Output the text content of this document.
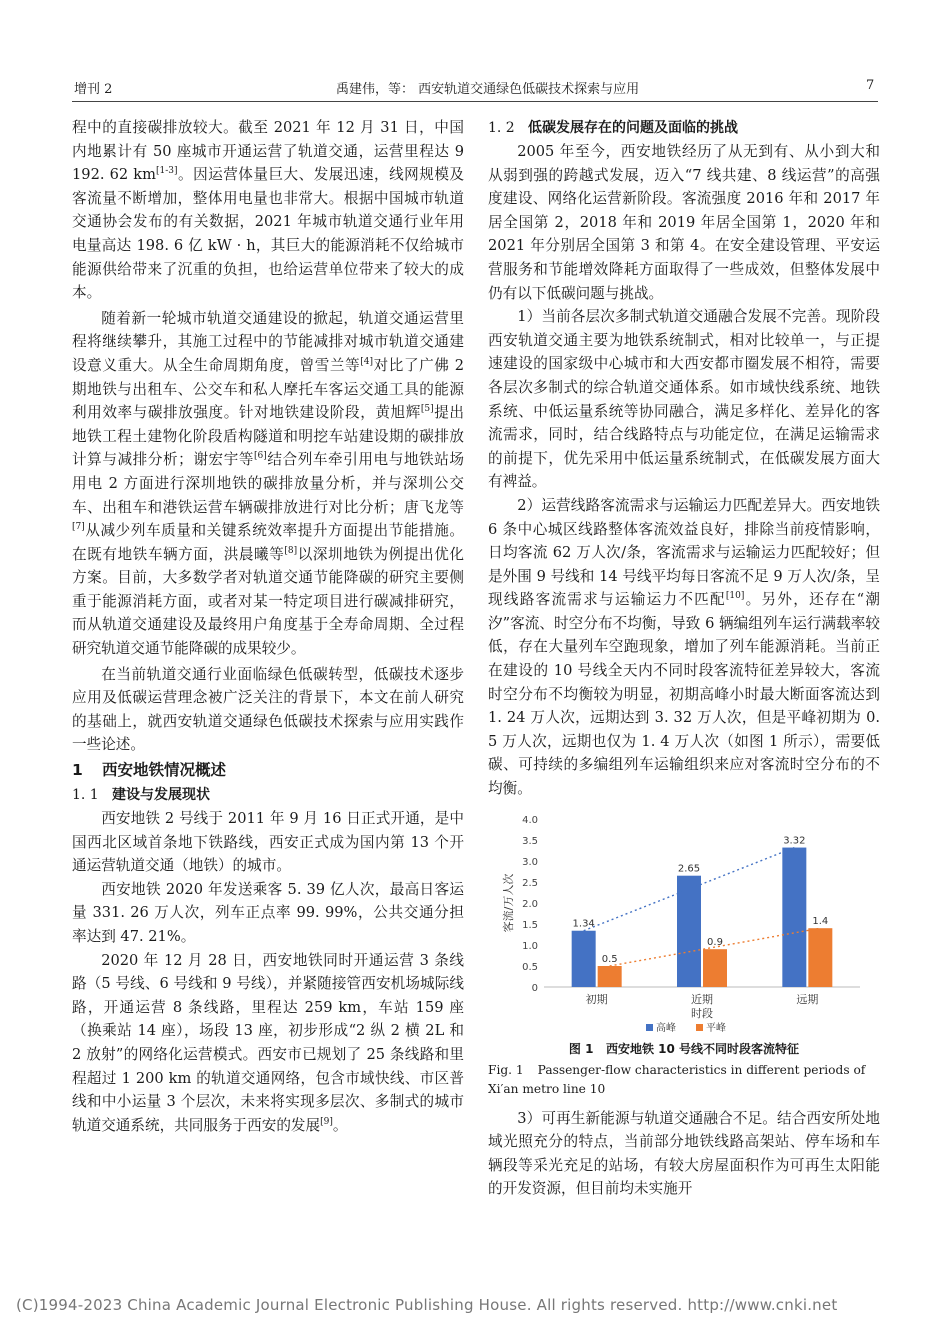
增刊 2	禹建伟，等： 西安轨道交通绿色低碳技术探索与应用	7

程中的直接碳排放较大。截至 2021 年 12 月 31 日，中国内地累计有 50 座城市开通运营了轨道交通，运营里程达 9 192. 62 km[1-3]。因运营体量巨大、发展迅速，线网规模及客流量不断增加，整体用电量也非常大。根据中国城市轨道交通协会发布的有关数据，2021 年城市轨道交通行业年用电量高达 198. 6 亿 kW · h，其巨大的能源消耗不仅给城市能源供给带来了沉重的负担，也给运营单位带来了较大的成本。

随着新一轮城市轨道交通建设的掀起，轨道交通运营里程将继续攀升，其施工过程中的节能减排对城市轨道交通建设意义重大。从全生命周期角度，曾雪兰等[4]对比了广佛 2 期地铁与出租车、公交车和私人摩托车客运交通工具的能源利用效率与碳排放强度。针对地铁建设阶段，黄旭辉[5]提出地铁工程土建物化阶段盾构隧道和明挖车站建设期的碳排放计算与减排分析；谢宏宇等[6]结合列车牵引用电与地铁站场用电 2 方面进行深圳地铁的碳排放量分析，并与深圳公交车、出租车和港铁运营车辆碳排放进行对比分析；唐飞龙等[7]从减少列车质量和关键系统效率提升方面提出节能措施。在既有地铁车辆方面，洪晨曦等[8]以深圳地铁为例提出优化方案。目前，大多数学者对轨道交通节能降碳的研究主要侧重于能源消耗方面，或者对某一特定项目进行碳减排研究，而从轨道交通建设及最终用户角度基于全寿命周期、全过程研究轨道交通节能降碳的成果较少。

在当前轨道交通行业面临绿色低碳转型，低碳技术逐步应用及低碳运营理念被广泛关注的背景下，本文在前人研究的基础上，就西安轨道交通绿色低碳技术探索与应用实践作一些论述。

1 西安地铁情况概述
1. 1 建设与发展现状

西安地铁 2 号线于 2011 年 9 月 16 日正式开通，是中国西北区域首条地下铁路线，西安正式成为国内第 13 个开通运营轨道交通（地铁）的城市。

西安地铁 2020 年发送乘客 5. 39 亿人次，最高日客运量 331. 26 万人次，列车正点率 99. 99%，公共交通分担率达到 47. 21%。

2020 年 12 月 28 日，西安地铁同时开通运营 3 条线路（5 号线、6 号线和 9 号线），并紧随接管西安机场城际线路，开通运营 8 条线路，里程达 259 km，车站 159 座（换乘站 14 座），场段 13 座，初步形成“2 纵 2 横 2L 和 2 放射”的网络化运营模式。西安市已规划了 25 条线路和里程超过 1 200 km 的轨道交通网络，包含市域快线、市区普线和中小运量 3 个层次，未来将实现多层次、多制式的城市轨道交通系统，共同服务于西安的发展[9]。

1. 2 低碳发展存在的问题及面临的挑战

2005 年至今，西安地铁经历了从无到有、从小到大和从弱到强的跨越式发展，迈入“7 线共建、8 线运营”的高强度建设、网络化运营新阶段。客流强度 2016 年和 2017 年居全国第 2，2018 年和 2019 年居全国第 1，2020 年和 2021 年分别居全国第 3 和第 4。在安全建设管理、平安运营服务和节能增效降耗方面取得了一些成效，但整体发展中仍有以下低碳问题与挑战。

1）当前各层次多制式轨道交通融合发展不完善。现阶段西安轨道交通主要为地铁系统制式，相对比较单一，与正提速建设的国家级中心城市和大西安都市圈发展不相符，需要各层次多制式的综合轨道交通体系。如市域快线系统、地铁系统、中低运量系统等协同融合，满足多样化、差异化的客流需求，同时，结合线路特点与功能定位，在满足运输需求的前提下，优先采用中低运量系统制式，在低碳发展方面大有裨益。

2）运营线路客流需求与运输运力匹配差异大。西安地铁 6 条中心城区线路整体客流效益良好，排除当前疫情影响，日均客流 62 万人次/条，客流需求与运输运力匹配较好；但是外围 9 号线和 14 号线平均每日客流不足 9 万人次/条，呈现线路客流需求与运输运力不匹配[10]。另外，还存在“潮汐”客流、时空分布不均衡，导致 6 辆编组列车运行满载率较低，存在大量列车空跑现象，增加了列车能源消耗。当前正在建设的 10 号线全天内不同时段客流特征差异较大，客流时空分布不均衡较为明显，初期高峰小时最大断面客流达到 1. 24 万人次，远期达到 3. 32 万人次，但是平峰初期为 0. 5 万人次，远期也仅为 1. 4 万人次（如图 1 所示），需要低碳、可持续的多编组列车运输组织来应对客流时空分布的不均衡。

0
0.5
1.0
1.5
2.0
2.5
3.0
3.5
4.0
客流/万人次
初期	近期	远期
1.34
2.65
3.32
0.5
0.9
1.4
时段
高峰	平峰
图 1 西安地铁 10 号线不同时段客流特征
Fig. 1 Passenger-flow characteristics in different periods of Xi′an metro line 10

3）可再生新能源与轨道交通融合不足。结合西安所处地域光照充分的特点，当前部分地铁线路高架站、停车场和车辆段等采光充足的站场，有较大房屋面积作为可再生太阳能的开发资源，但目前均未实施开

(C)1994-2023 China Academic Journal Electronic Publishing House. All rights reserved. http://www.cnki.net
